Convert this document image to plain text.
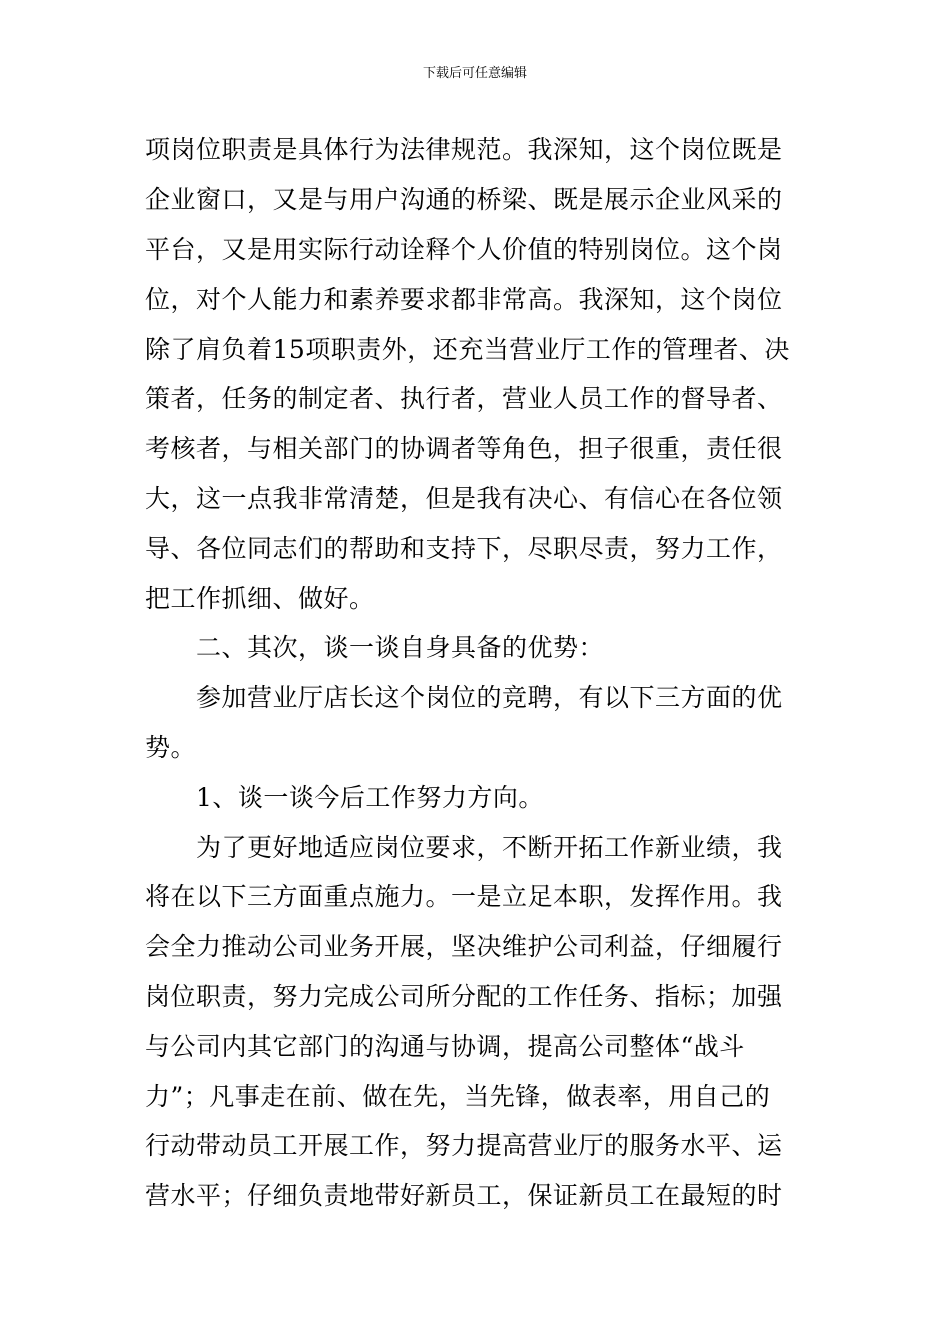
下载后可任意编辑
项岗位职责是具体行为法律规范。我深知，这个岗位既是
企业窗口，又是与用户沟通的桥梁、既是展示企业风采的
平台，又是用实际行动诠释个人价值的特别岗位。这个岗
位，对个人能力和素养要求都非常高。我深知，这个岗位
除了肩负着15项职责外，还充当营业厅工作的管理者、决
策者，任务的制定者、执行者，营业人员工作的督导者、
考核者，与相关部门的协调者等角色，担子很重，责任很
大，这一点我非常清楚，但是我有决心、有信心在各位领
导、各位同志们的帮助和支持下，尽职尽责，努力工作，
把工作抓细、做好。
二、其次，谈一谈自身具备的优势：
参加营业厅店长这个岗位的竞聘，有以下三方面的优
势。
1、谈一谈今后工作努力方向。
为了更好地适应岗位要求，不断开拓工作新业绩，我
将在以下三方面重点施力。一是立足本职，发挥作用。我
会全力推动公司业务开展，坚决维护公司利益，仔细履行
岗位职责，努力完成公司所分配的工作任务、指标；加强
与公司内其它部门的沟通与协调，提高公司整体“战斗
力”；凡事走在前、做在先，当先锋，做表率，用自己的
行动带动员工开展工作，努力提高营业厅的服务水平、运
营水平；仔细负责地带好新员工，保证新员工在最短的时
